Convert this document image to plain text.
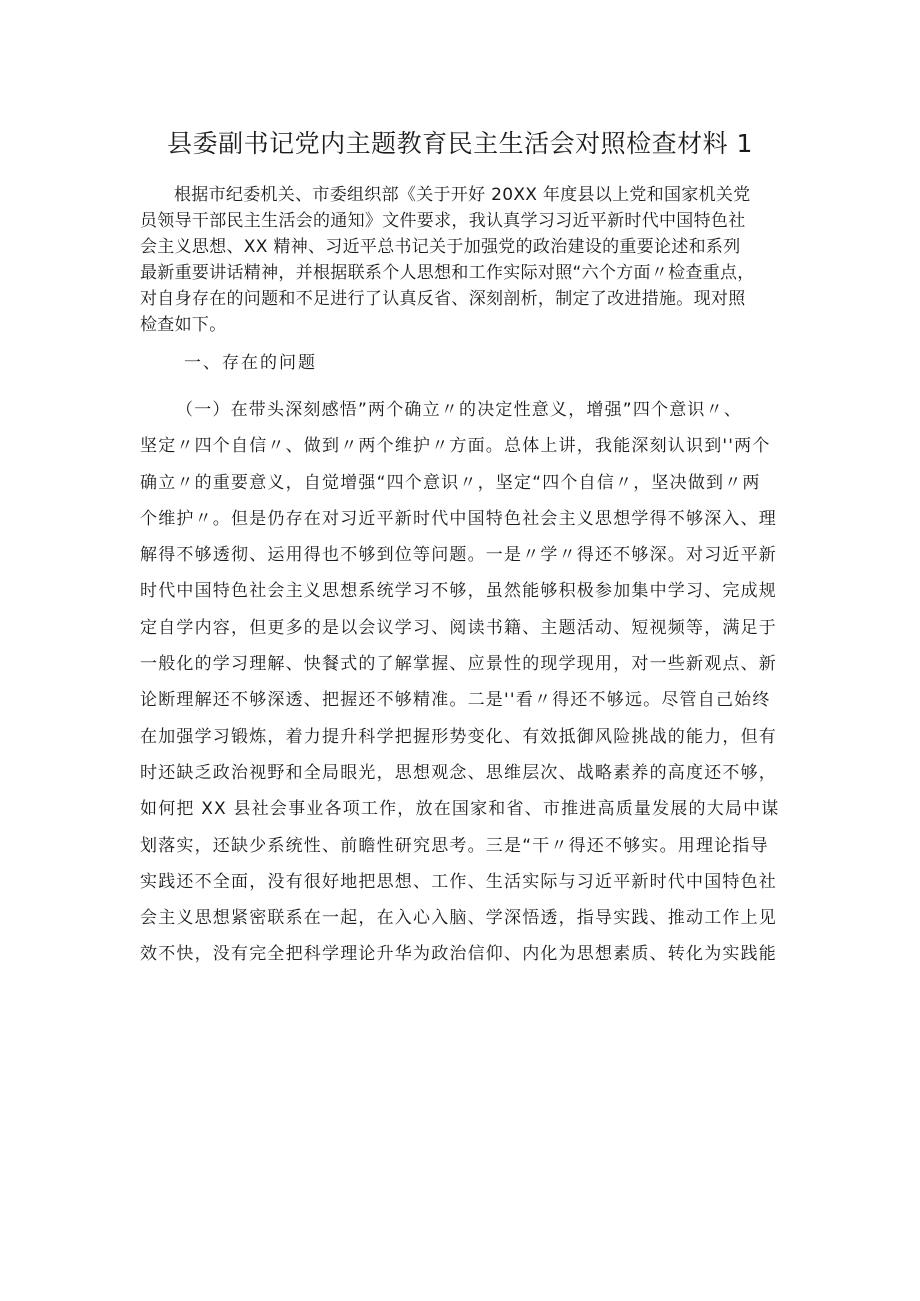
县委副书记党内主题教育民主生活会对照检查材料 1
根据市纪委机关、市委组织部《关于开好 20XX 年度县以上党和国家机关党
员领导干部民主生活会的通知》文件要求，我认真学习习近平新时代中国特色社
会主义思想、XX 精神、习近平总书记关于加强党的政治建设的重要论述和系列
最新重要讲话精神，并根据联系个人思想和工作实际对照“六个方面〃检查重点，
对自身存在的问题和不足进行了认真反省、深刻剖析，制定了改进措施。现对照
检查如下。
一、存在的问题
（一）在带头深刻感悟”两个确立〃的决定性意义，增强”四个意识〃、
坚定〃四个自信〃、做到〃两个维护〃方面。总体上讲，我能深刻认识到''两个
确立〃的重要意义，自觉增强“四个意识〃，坚定“四个自信〃，坚决做到〃两
个维护〃。但是仍存在对习近平新时代中国特色社会主义思想学得不够深入、理
解得不够透彻、运用得也不够到位等问题。一是〃学〃得还不够深。对习近平新
时代中国特色社会主义思想系统学习不够，虽然能够积极参加集中学习、完成规
定自学内容，但更多的是以会议学习、阅读书籍、主题活动、短视频等，满足于
一般化的学习理解、快餐式的了解掌握、应景性的现学现用，对一些新观点、新
论断理解还不够深透、把握还不够精准。二是''看〃得还不够远。尽管自己始终
在加强学习锻炼，着力提升科学把握形势变化、有效抵御风险挑战的能力，但有
时还缺乏政治视野和全局眼光，思想观念、思维层次、战略素养的高度还不够，
如何把 XX 县社会事业各项工作，放在国家和省、市推进高质量发展的大局中谋
划落实，还缺少系统性、前瞻性研究思考。三是“干〃得还不够实。用理论指导
实践还不全面，没有很好地把思想、工作、生活实际与习近平新时代中国特色社
会主义思想紧密联系在一起，在入心入脑、学深悟透，指导实践、推动工作上见
效不快，没有完全把科学理论升华为政治信仰、内化为思想素质、转化为实践能
